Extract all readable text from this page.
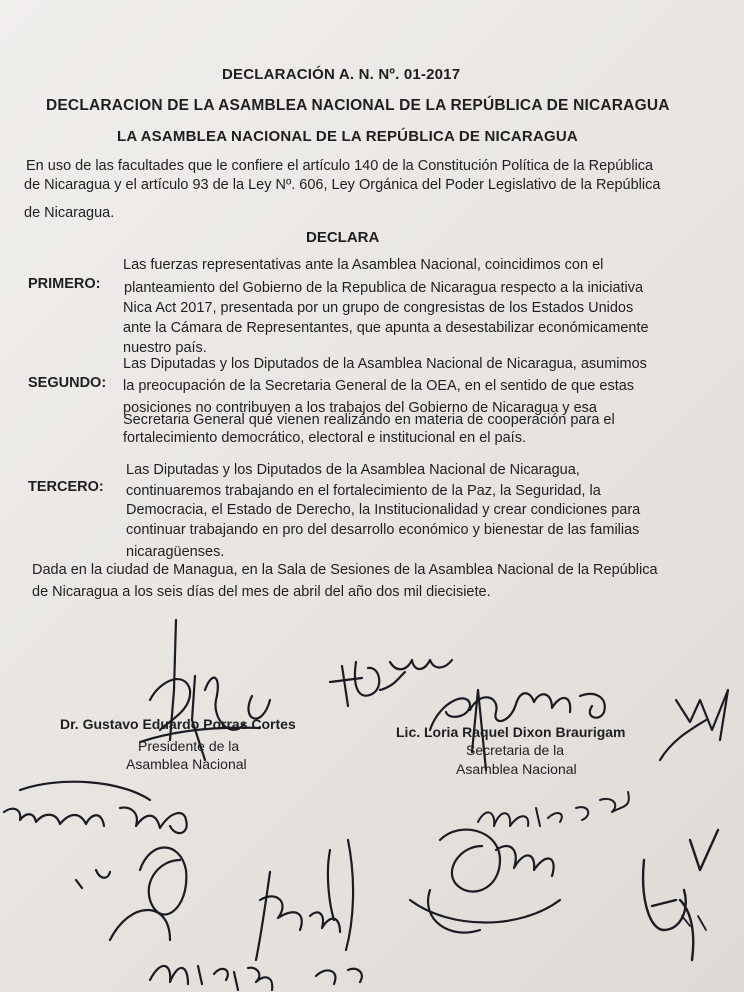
DECLARACIÓN A. N. Nº. 01-2017
DECLARACION DE LA ASAMBLEA NACIONAL DE LA REPÚBLICA DE NICARAGUA
LA ASAMBLEA NACIONAL DE LA REPÚBLICA DE NICARAGUA
En uso de las facultades que le confiere el artículo 140 de la Constitución Política de la República
de Nicaragua y el artículo 93 de la Ley Nº. 606, Ley Orgánica del Poder Legislativo de la República
de Nicaragua.
DECLARA
PRIMERO:
Las fuerzas representativas ante la Asamblea Nacional, coincidimos con el
planteamiento del Gobierno de la Republica de Nicaragua respecto a la iniciativa
Nica Act 2017, presentada por un grupo de congresistas de los Estados Unidos
ante la Cámara de Representantes, que apunta a desestabilizar económicamente
nuestro país.
SEGUNDO:
Las Diputadas y los Diputados de la Asamblea Nacional de Nicaragua, asumimos
la preocupación de la Secretaria General de la OEA, en el sentido de que estas
posiciones no contribuyen a los trabajos del Gobierno de Nicaragua y esa
Secretaria General que vienen realizando en materia de cooperación para el
fortalecimiento democrático, electoral e institucional en el país.
TERCERO:
Las Diputadas y los Diputados de la Asamblea Nacional de Nicaragua,
continuaremos trabajando en el fortalecimiento de la Paz, la Seguridad, la
Democracia, el Estado de Derecho, la Institucionalidad y crear condiciones para
continuar trabajando en pro del desarrollo económico y bienestar de las familias
nicaragüenses.
Dada en la ciudad de Managua, en la Sala de Sesiones de la Asamblea Nacional de la República
de Nicaragua a los seis días del mes de abril del año dos mil diecisiete.
Dr. Gustavo Eduardo Porras Cortes
Presidente de la
Asamblea Nacional
Lic. Loria Raquel Dixon Braurigam
Secretaria de la
Asamblea Nacional
